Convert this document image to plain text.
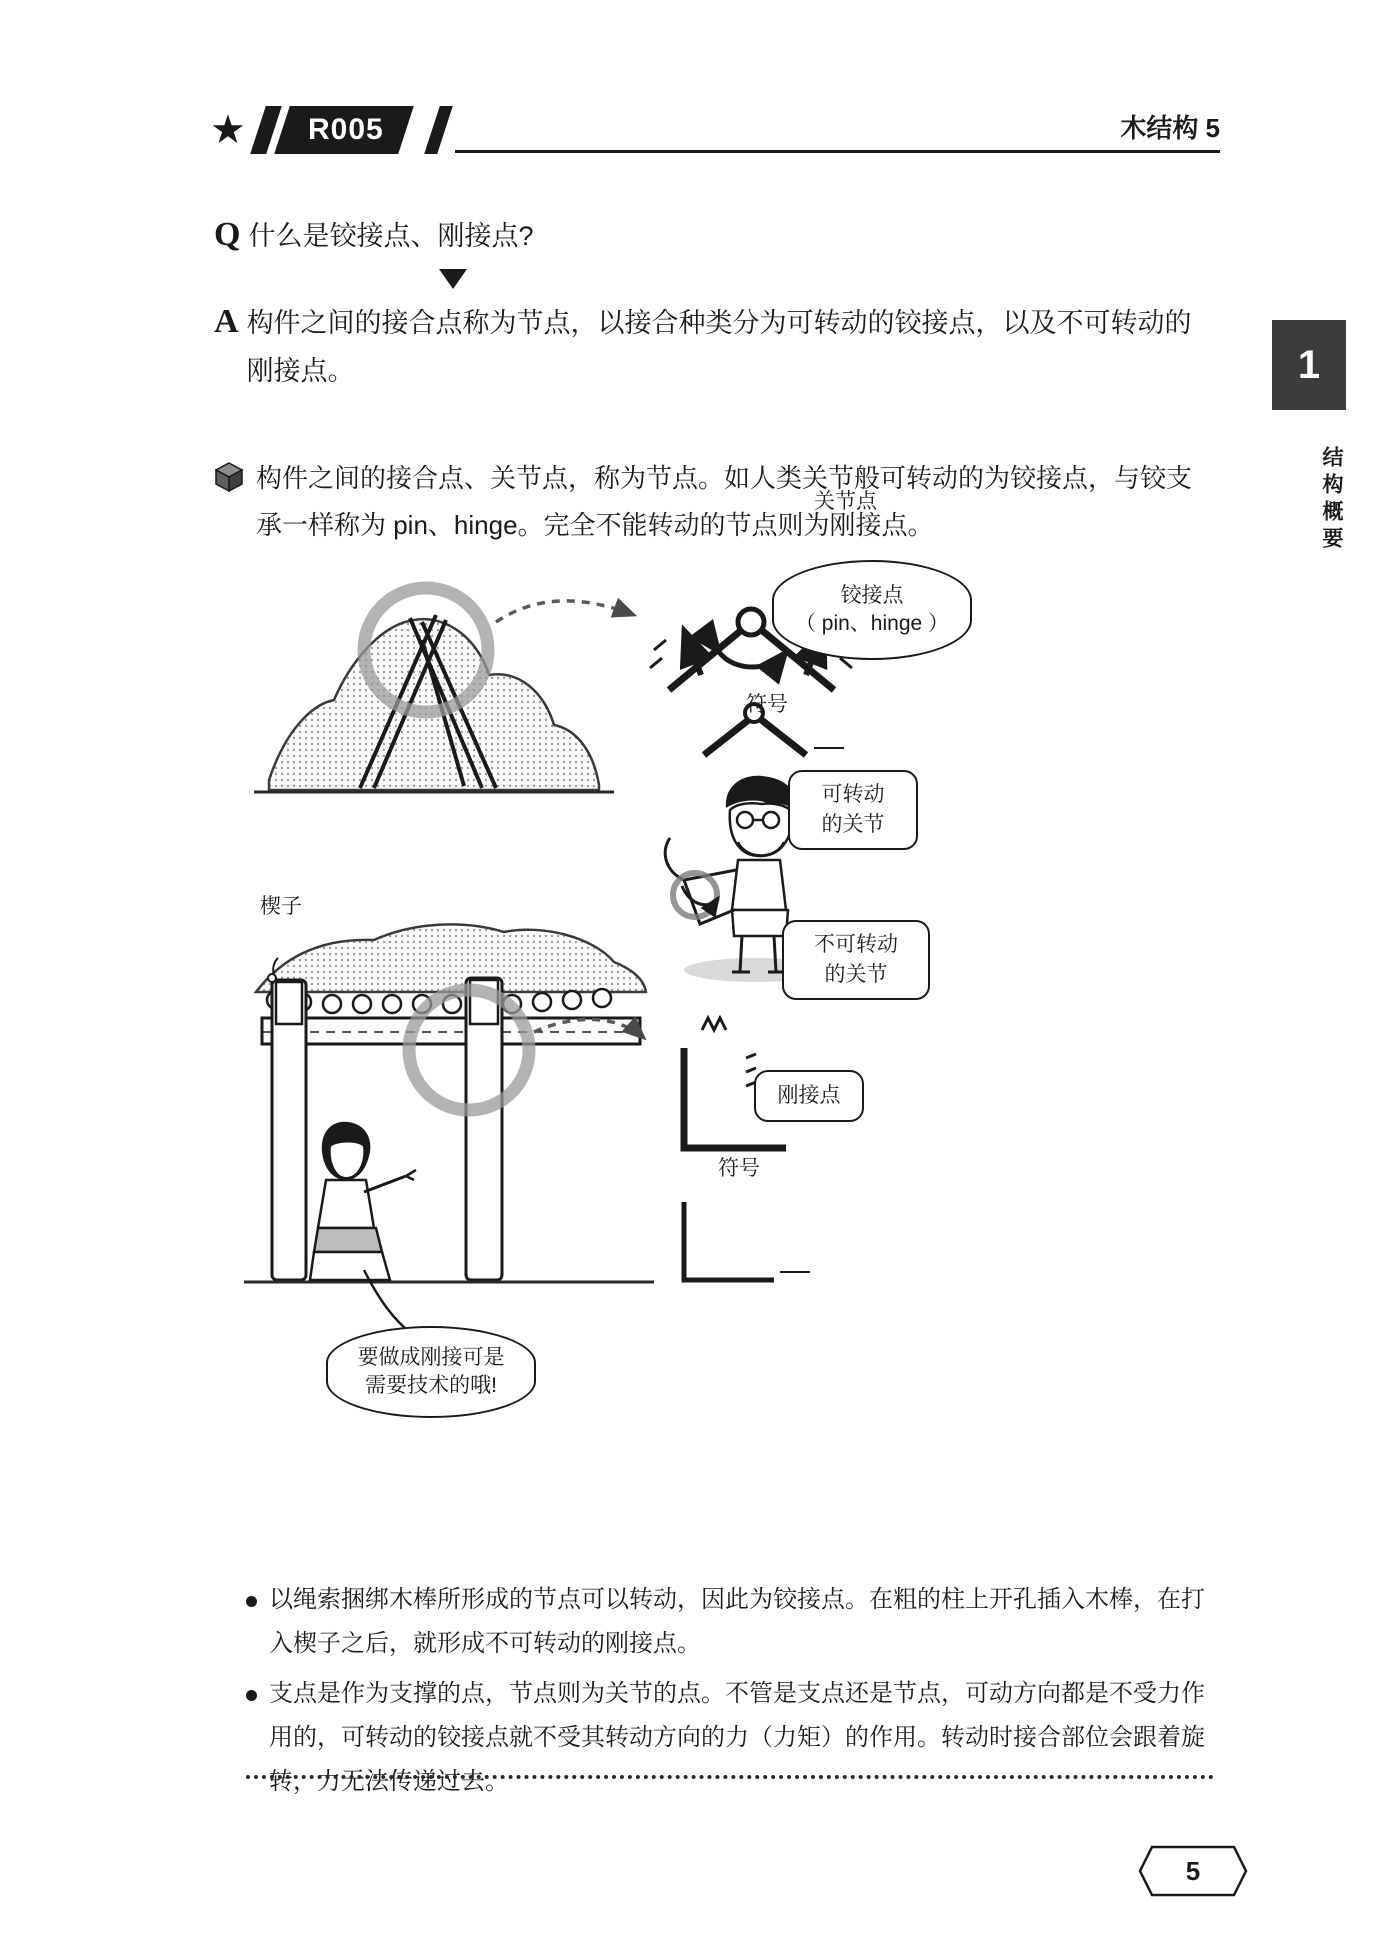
★ R005	木结构 5
1
结构概要
Q 什么是铰接点、刚接点?
A 构件之间的接合点称为节点，以接合种类分为可转动的铰接点，以及不可转动的刚接点。
构件之间的接合点、关节点，称为节点。如人类关节般可转动的为铰接点，与铰支承一样称为 pin、hinge。完全不能转动的节点则为刚接点。
关节点
铰接点
（ pin、hinge ）
符号
可转动
的关节
不可转动
的关节
楔子
刚接点
符号
要做成刚接可是
需要技术的哦!
以绳索捆绑木棒所形成的节点可以转动，因此为铰接点。在粗的柱上开孔插入木棒，在打入楔子之后，就形成不可转动的刚接点。
支点是作为支撑的点，节点则为关节的点。不管是支点还是节点，可动方向都是不受力作用的，可转动的铰接点就不受其转动方向的力（力矩）的作用。转动时接合部位会跟着旋转，力无法传递过去。
5
